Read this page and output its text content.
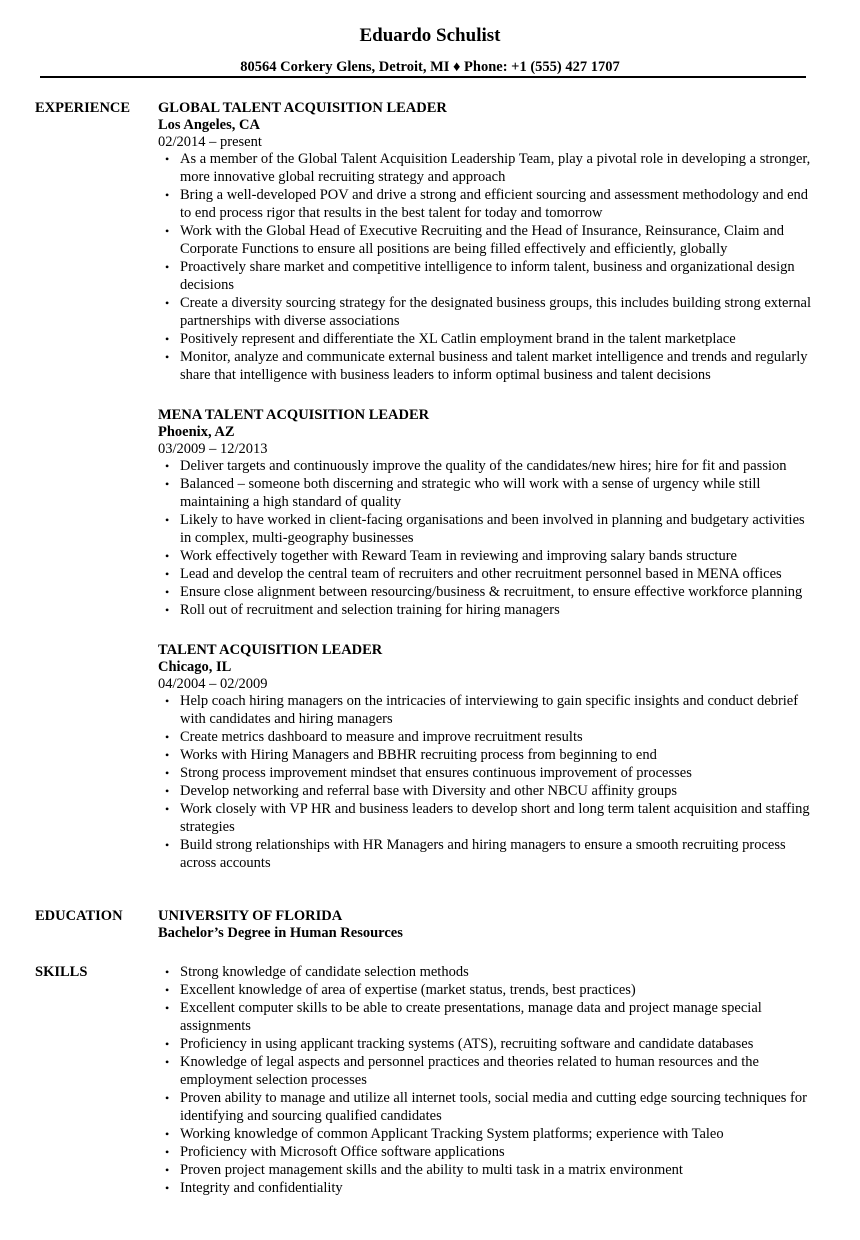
Eduardo Schulist
80564 Corkery Glens, Detroit, MI ♦ Phone: +1 (555) 427 1707
EXPERIENCE GLOBAL TALENT ACQUISITION LEADER
Los Angeles, CA
02/2014 – present
• As a member of the Global Talent Acquisition Leadership Team, play a pivotal role in developing a stronger, more innovative global recruiting strategy and approach
• Bring a well-developed POV and drive a strong and efficient sourcing and assessment methodology and end to end process rigor that results in the best talent for today and tomorrow
• Work with the Global Head of Executive Recruiting and the Head of Insurance, Reinsurance, Claim and Corporate Functions to ensure all positions are being filled effectively and efficiently, globally
• Proactively share market and competitive intelligence to inform talent, business and organizational design decisions
• Create a diversity sourcing strategy for the designated business groups, this includes building strong external partnerships with diverse associations
• Positively represent and differentiate the XL Catlin employment brand in the talent marketplace
• Monitor, analyze and communicate external business and talent market intelligence and trends and regularly share that intelligence with business leaders to inform optimal business and talent decisions
MENA TALENT ACQUISITION LEADER
Phoenix, AZ
03/2009 – 12/2013
• Deliver targets and continuously improve the quality of the candidates/new hires; hire for fit and passion
• Balanced – someone both discerning and strategic who will work with a sense of urgency while still maintaining a high standard of quality
• Likely to have worked in client-facing organisations and been involved in planning and budgetary activities in complex, multi-geography businesses
• Work effectively together with Reward Team in reviewing and improving salary bands structure
• Lead and develop the central team of recruiters and other recruitment personnel based in MENA offices
• Ensure close alignment between resourcing/business & recruitment, to ensure effective workforce planning
• Roll out of recruitment and selection training for hiring managers
TALENT ACQUISITION LEADER
Chicago, IL
04/2004 – 02/2009
• Help coach hiring managers on the intricacies of interviewing to gain specific insights and conduct debrief with candidates and hiring managers
• Create metrics dashboard to measure and improve recruitment results
• Works with Hiring Managers and BBHR recruiting process from beginning to end
• Strong process improvement mindset that ensures continuous improvement of processes
• Develop networking and referral base with Diversity and other NBCU affinity groups
• Work closely with VP HR and business leaders to develop short and long term talent acquisition and staffing strategies
• Build strong relationships with HR Managers and hiring managers to ensure a smooth recruiting process across accounts
EDUCATION UNIVERSITY OF FLORIDA
Bachelor’s Degree in Human Resources
SKILLS	• Strong knowledge of candidate selection methods
• Excellent knowledge of area of expertise (market status, trends, best practices)
• Excellent computer skills to be able to create presentations, manage data and project manage special assignments
• Proficiency in using applicant tracking systems (ATS), recruiting software and candidate databases
• Knowledge of legal aspects and personnel practices and theories related to human resources and the employment selection processes
• Proven ability to manage and utilize all internet tools, social media and cutting edge sourcing techniques for identifying and sourcing qualified candidates
• Working knowledge of common Applicant Tracking System platforms; experience with Taleo
• Proficiency with Microsoft Office software applications
• Proven project management skills and the ability to multi task in a matrix environment
• Integrity and confidentiality
